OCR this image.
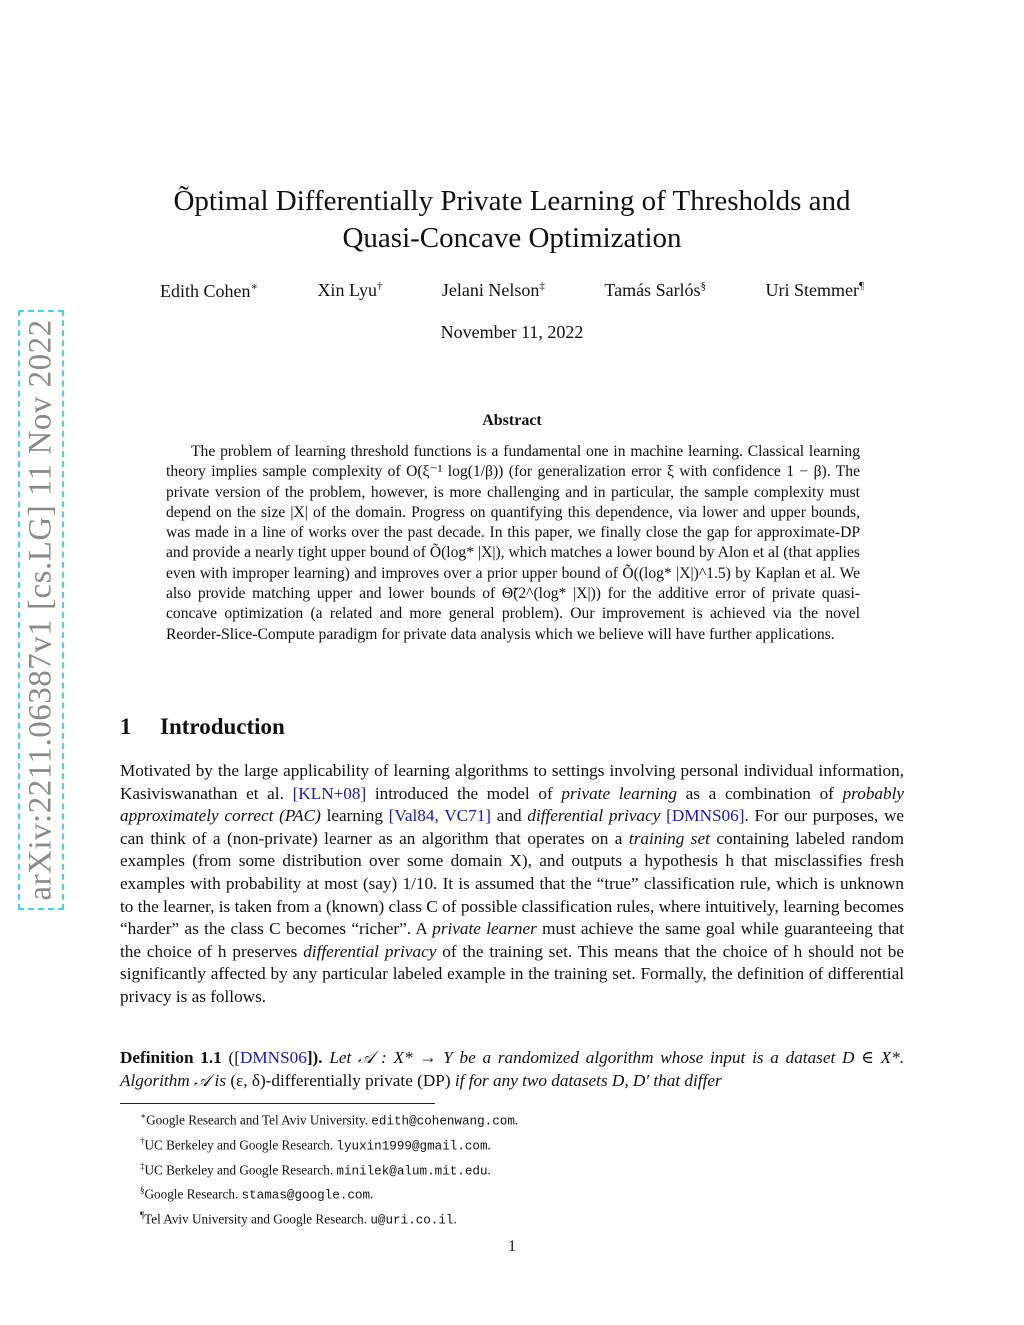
arXiv:2211.06387v1 [cs.LG] 11 Nov 2022
Õptimal Differentially Private Learning of Thresholds and
Quasi-Concave Optimization
Edith Cohen∗	Xin Lyu†	Jelani Nelson‡	Tamás Sarlós§	Uri Stemmer¶
November 11, 2022
Abstract

The problem of learning threshold functions is a fundamental one in machine learning. Classical learning theory implies sample complexity of O(ξ⁻¹ log(1/β)) (for generalization error ξ with confidence 1 − β). The private version of the problem, however, is more challenging and in particular, the sample complexity must depend on the size |X| of the domain. Progress on quantifying this dependence, via lower and upper bounds, was made in a line of works over the past decade. In this paper, we finally close the gap for approximate-DP and provide a nearly tight upper bound of Õ(log* |X|), which matches a lower bound by Alon et al (that applies even with improper learning) and improves over a prior upper bound of Õ((log* |X|)^1.5) by Kaplan et al. We also provide matching upper and lower bounds of Θ̃(2^(log* |X|)) for the additive error of private quasi-concave optimization (a related and more general problem). Our improvement is achieved via the novel Reorder-Slice-Compute paradigm for private data analysis which we believe will have further applications.

1 Introduction

Motivated by the large applicability of learning algorithms to settings involving personal individual information, Kasiviswanathan et al. [KLN+08] introduced the model of private learning as a combination of probably approximately correct (PAC) learning [Val84, VC71] and differential privacy [DMNS06]. For our purposes, we can think of a (non-private) learner as an algorithm that operates on a training set containing labeled random examples (from some distribution over some domain X), and outputs a hypothesis h that misclassifies fresh examples with probability at most (say) 1/10. It is assumed that the “true” classification rule, which is unknown to the learner, is taken from a (known) class C of possible classification rules, where intuitively, learning becomes “harder” as the class C becomes “richer”. A private learner must achieve the same goal while guaranteeing that the choice of h preserves differential privacy of the training set. This means that the choice of h should not be significantly affected by any particular labeled example in the training set. Formally, the definition of differential privacy is as follows.

Definition 1.1 ([DMNS06]). Let 𝒜 : X* → Y be a randomized algorithm whose input is a dataset D ∈ X*. Algorithm 𝒜 is (ε, δ)-differentially private (DP) if for any two datasets D, D′ that differ
∗Google Research and Tel Aviv University. edith@cohenwang.com.
†UC Berkeley and Google Research. lyuxin1999@gmail.com.
‡UC Berkeley and Google Research. minilek@alum.mit.edu.
§Google Research. stamas@google.com.
¶Tel Aviv University and Google Research. u@uri.co.il.
1
